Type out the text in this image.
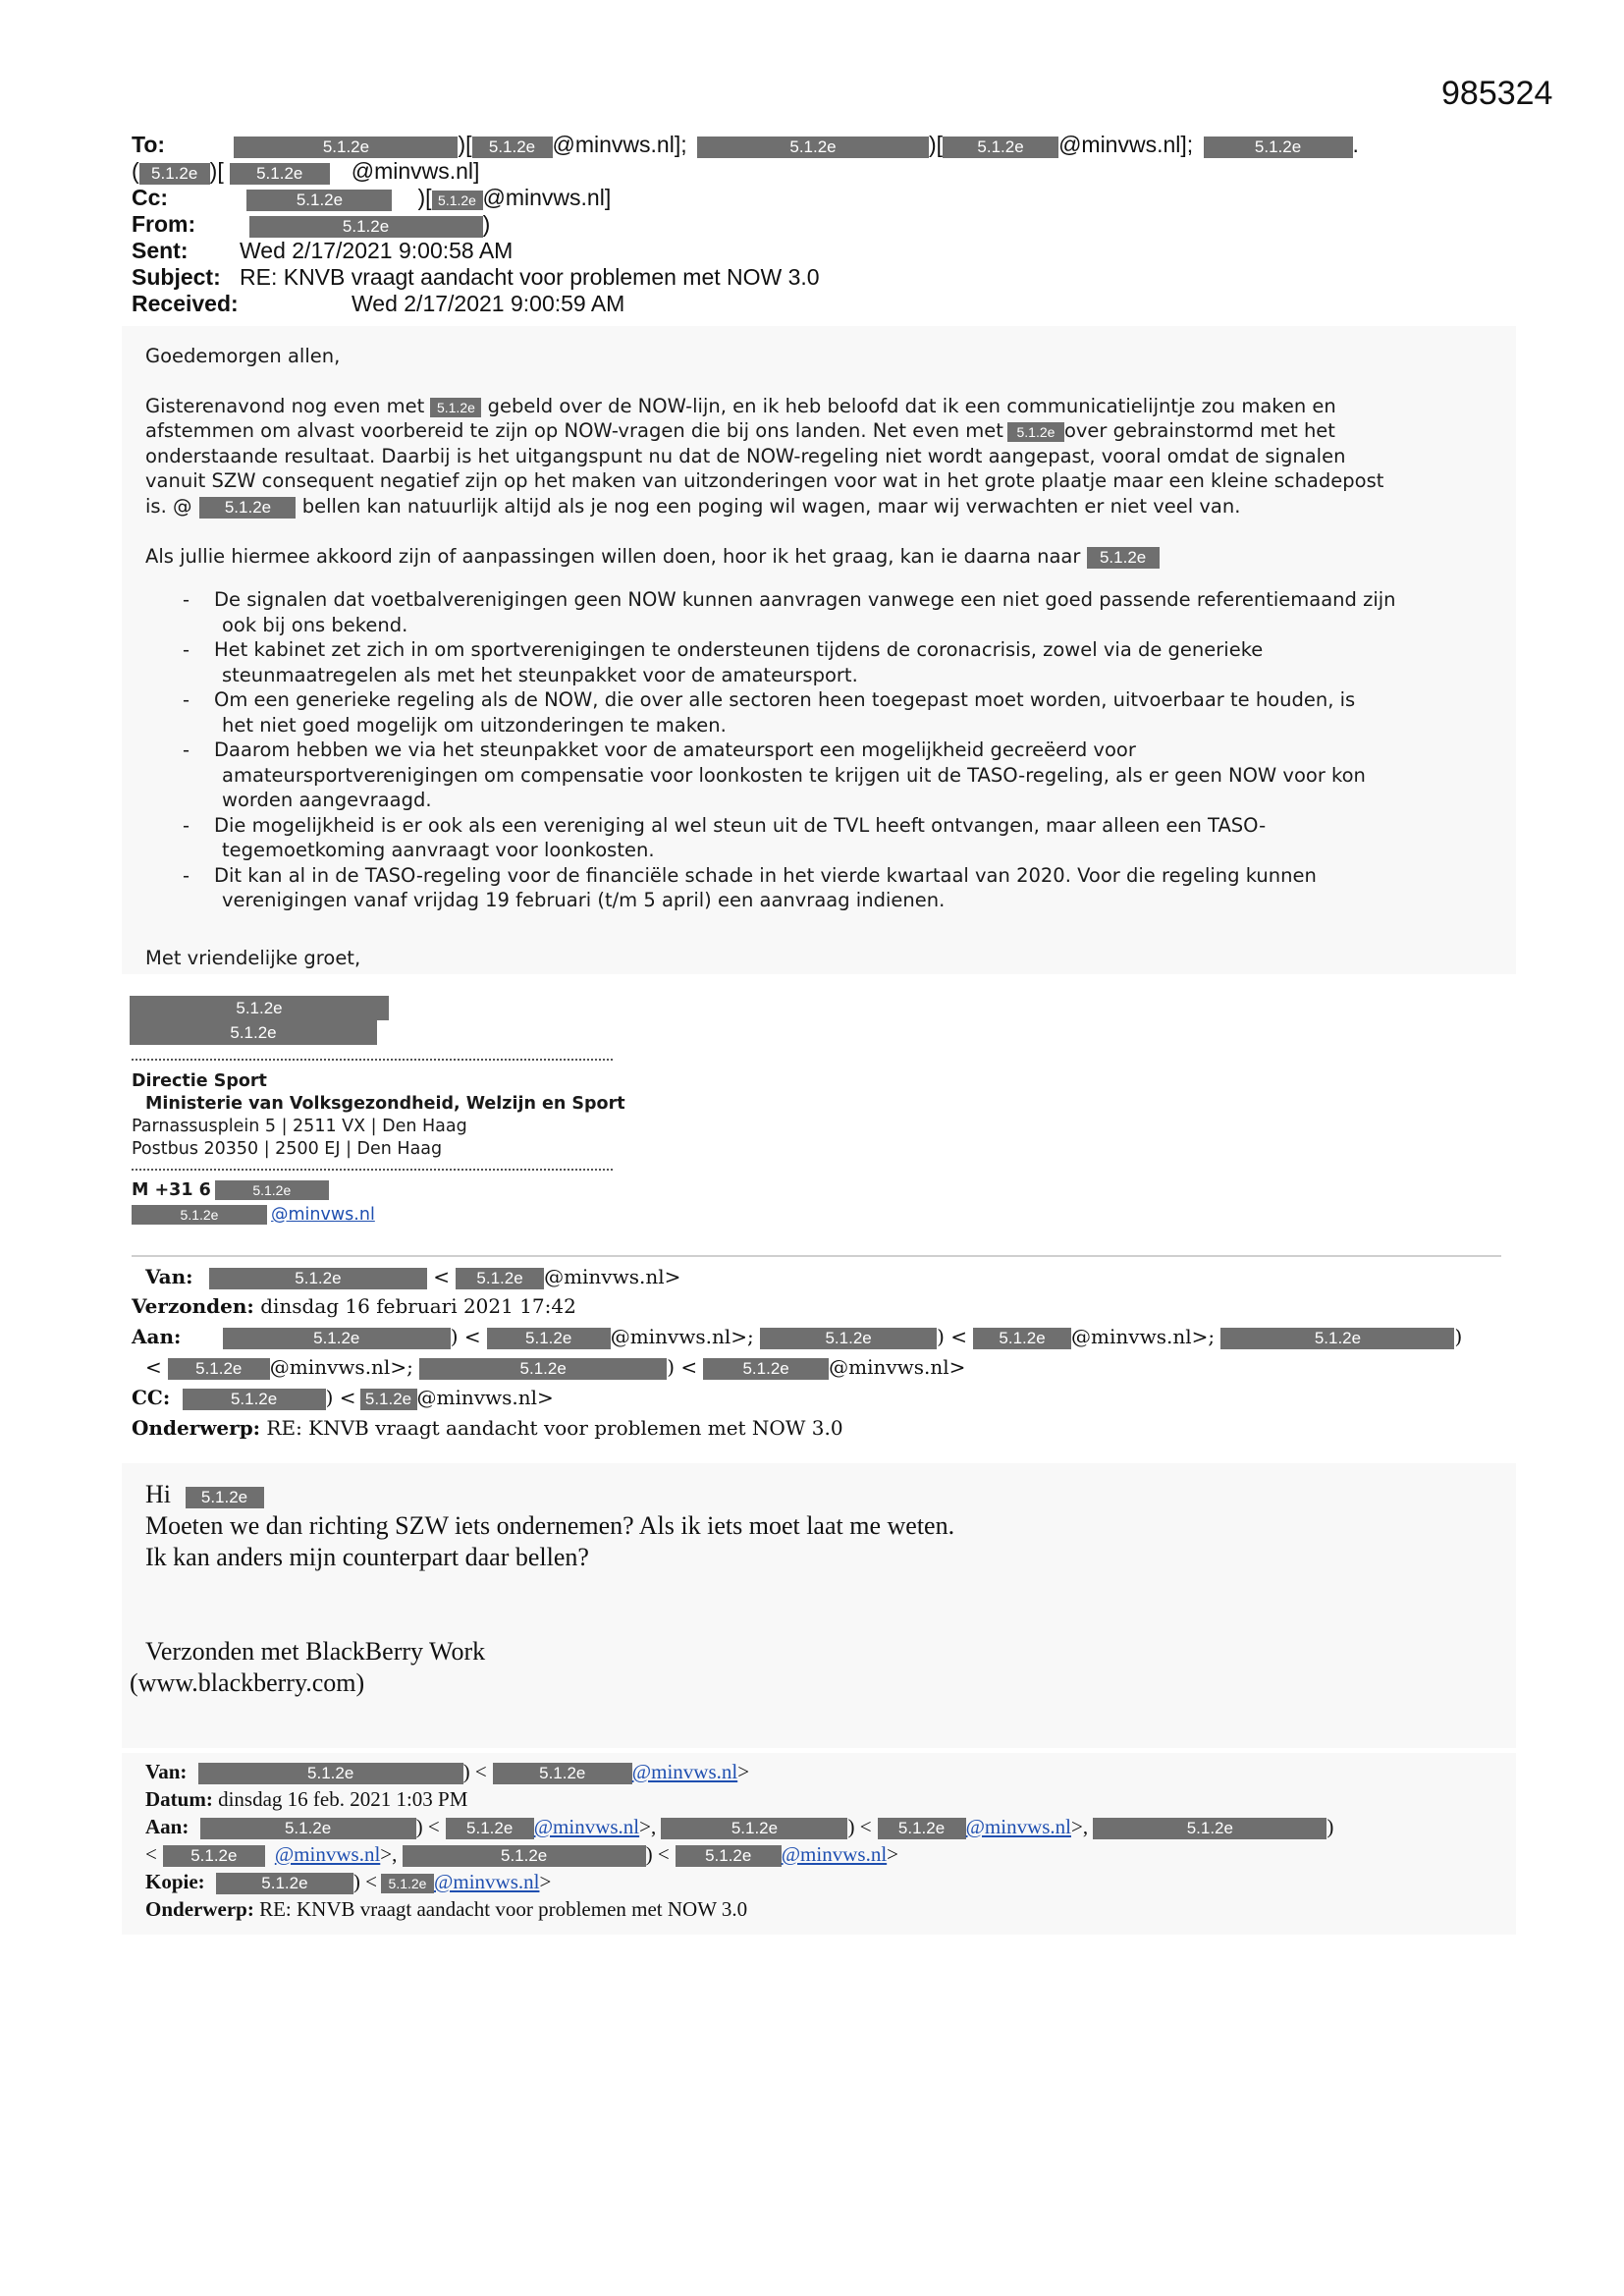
985324
To:	5.1.2e	)[ 5.1.2e @minvws.nl];	5.1.2e	)[ 5.1.2e @minvws.nl];	5.1.2e .
( 5.1.2e )[ 5.1.2e @minvws.nl]
Cc:	5.1.2e	)[ 5.1.2e @minvws.nl]
From:	5.1.2e	)
Sent: Wed 2/17/2021 9:00:58 AM
Subject: RE: KNVB vraagt aandacht voor problemen met NOW 3.0
Received:	Wed 2/17/2021 9:00:59 AM
Goedemorgen allen,
Gisterenavond nog even met 5.1.2e gebeld over de NOW-lijn, en ik heb beloofd dat ik een communicatielijntje zou maken en
afstemmen om alvast voorbereid te zijn op NOW-vragen die bij ons landen. Net even met 5.1.2e over gebrainstormd met het
onderstaande resultaat. Daarbij is het uitgangspunt nu dat de NOW-regeling niet wordt aangepast, vooral omdat de signalen
vanuit SZW consequent negatief zijn op het maken van uitzonderingen voor wat in het grote plaatje maar een kleine schadepost
is. @ 5.1.2e bellen kan natuurlijk altijd als je nog een poging wil wagen, maar wij verwachten er niet veel van.
Als jullie hiermee akkoord zijn of aanpassingen willen doen, hoor ik het graag, kan ie daarna naar 5.1.2e
- De signalen dat voetbalverenigingen geen NOW kunnen aanvragen vanwege een niet goed passende referentiemaand zijn
ook bij ons bekend.
- Het kabinet zet zich in om sportverenigingen te ondersteunen tijdens de coronacrisis, zowel via de generieke
steunmaatregelen als met het steunpakket voor de amateursport.
- Om een generieke regeling als de NOW, die over alle sectoren heen toegepast moet worden, uitvoerbaar te houden, is
het niet goed mogelijk om uitzonderingen te maken.
- Daarom hebben we via het steunpakket voor de amateursport een mogelijkheid gecreëerd voor
amateursportverenigingen om compensatie voor loonkosten te krijgen uit de TASO-regeling, als er geen NOW voor kon
worden aangevraagd.
- Die mogelijkheid is er ook als een vereniging al wel steun uit de TVL heeft ontvangen, maar alleen een TASO-
tegemoetkoming aanvraagt voor loonkosten.
- Dit kan al in de TASO-regeling voor de financiële schade in het vierde kwartaal van 2020. Voor die regeling kunnen
verenigingen vanaf vrijdag 19 februari (t/m 5 april) een aanvraag indienen.
Met vriendelijke groet,
5.1.2e
5.1.2e
Directie Sport
Ministerie van Volksgezondheid, Welzijn en Sport
Parnassusplein 5 | 2511 VX | Den Haag
Postbus 20350 | 2500 EJ | Den Haag
M +31 6	5.1.2e
5.1.2e	@minvws.nl
Van:	5.1.2e	< 5.1.2e @minvws.nl>
Verzonden: dinsdag 16 februari 2021 17:42
Aan:	5.1.2e	) <	5.1.2e @minvws.nl>;	5.1.2e	) < 5.1.2e @minvws.nl>;	5.1.2e	)
< 5.1.2e @minvws.nl>;	5.1.2e	) <	5.1.2e @minvws.nl>
CC:	5.1.2e ) < 5.1.2e @minvws.nl>
Onderwerp: RE: KNVB vraagt aandacht voor problemen met NOW 3.0
Hi 5.1.2e
Moeten we dan richting SZW iets ondernemen? Als ik iets moet laat me weten.
Ik kan anders mijn counterpart daar bellen?
Verzonden met BlackBerry Work
(www.blackberry.com)
Van:	5.1.2e	) <	5.1.2e @minvws.nl>
Datum: dinsdag 16 feb. 2021 1:03 PM
Aan:	5.1.2e	) < 5.1.2e @minvws.nl>,	5.1.2e	) < 5.1.2e @minvws.nl>,	5.1.2e	)
< 5.1.2e @minvws.nl>,	5.1.2e	) < 5.1.2e @minvws.nl>
Kopie:	5.1.2e ) < 5.1.2e @minvws.nl>
Onderwerp: RE: KNVB vraagt aandacht voor problemen met NOW 3.0
